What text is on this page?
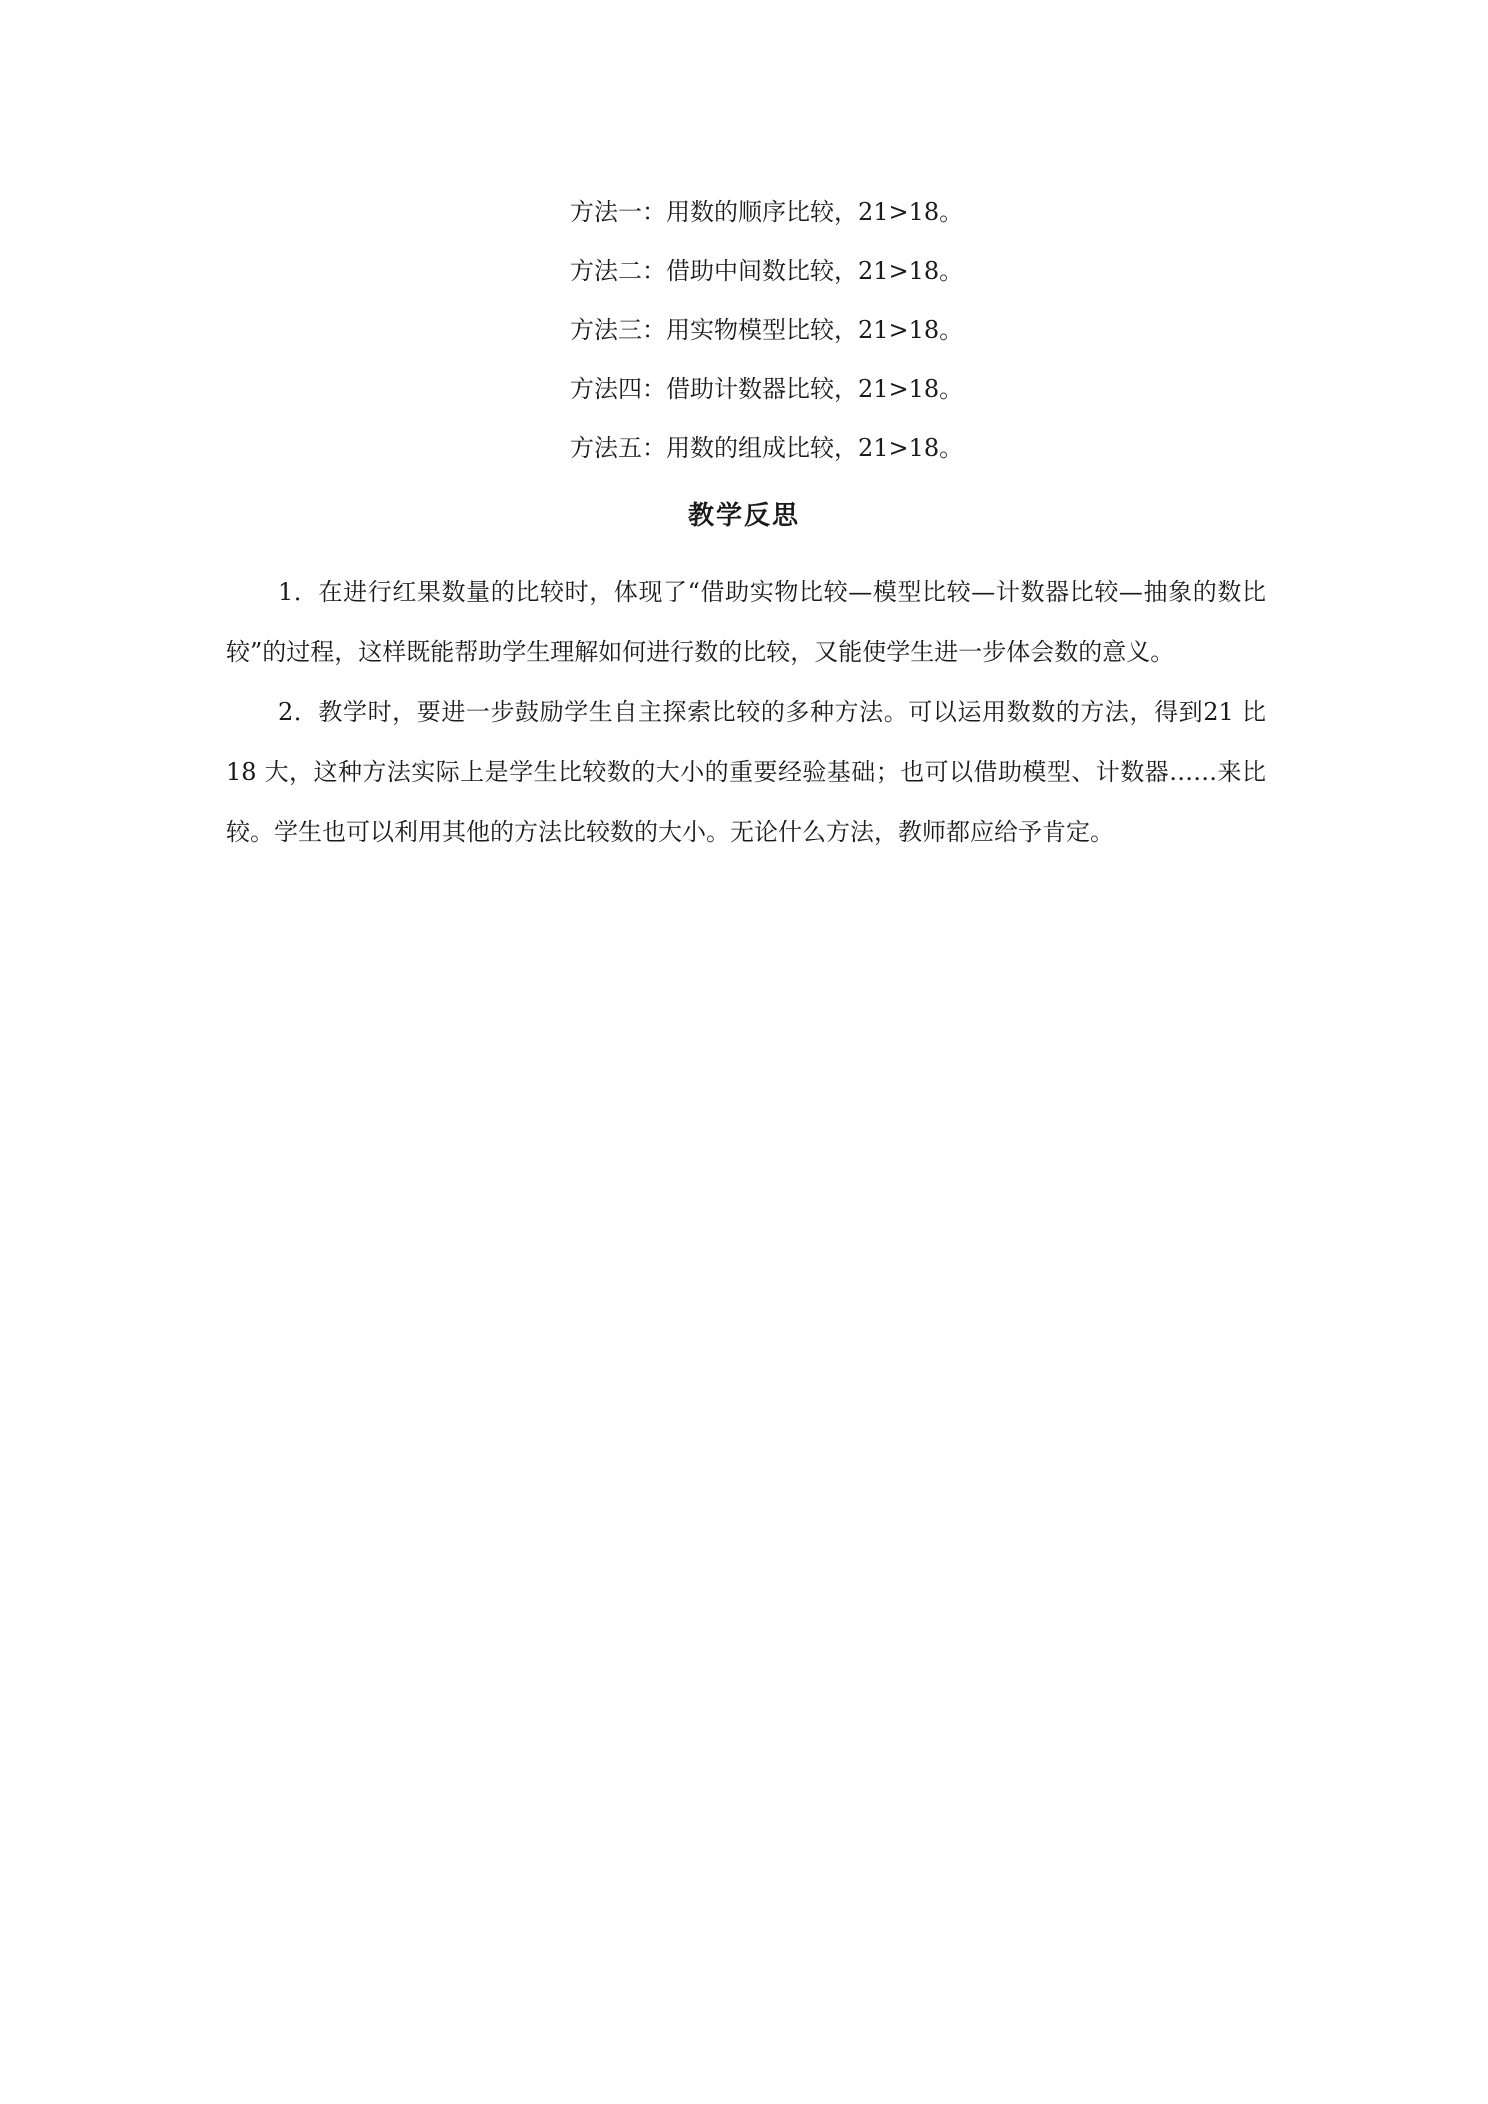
方法一：用数的顺序比较，21>18。
方法二：借助中间数比较，21>18。
方法三：用实物模型比较，21>18。
方法四：借助计数器比较，21>18。
方法五：用数的组成比较，21>18。
教学反思

1．在进行红果数量的比较时，体现了“借助实物比较—模型比较—计数器比较—抽象的数比较”的过程，这样既能帮助学生理解如何进行数的比较，又能使学生进一步体会数的意义。

2．教学时，要进一步鼓励学生自主探索比较的多种方法。可以运用数数的方法，得到21 比 18 大，这种方法实际上是学生比较数的大小的重要经验基础；也可以借助模型、计数器……来比较。学生也可以利用其他的方法比较数的大小。无论什么方法，教师都应给予肯定。
